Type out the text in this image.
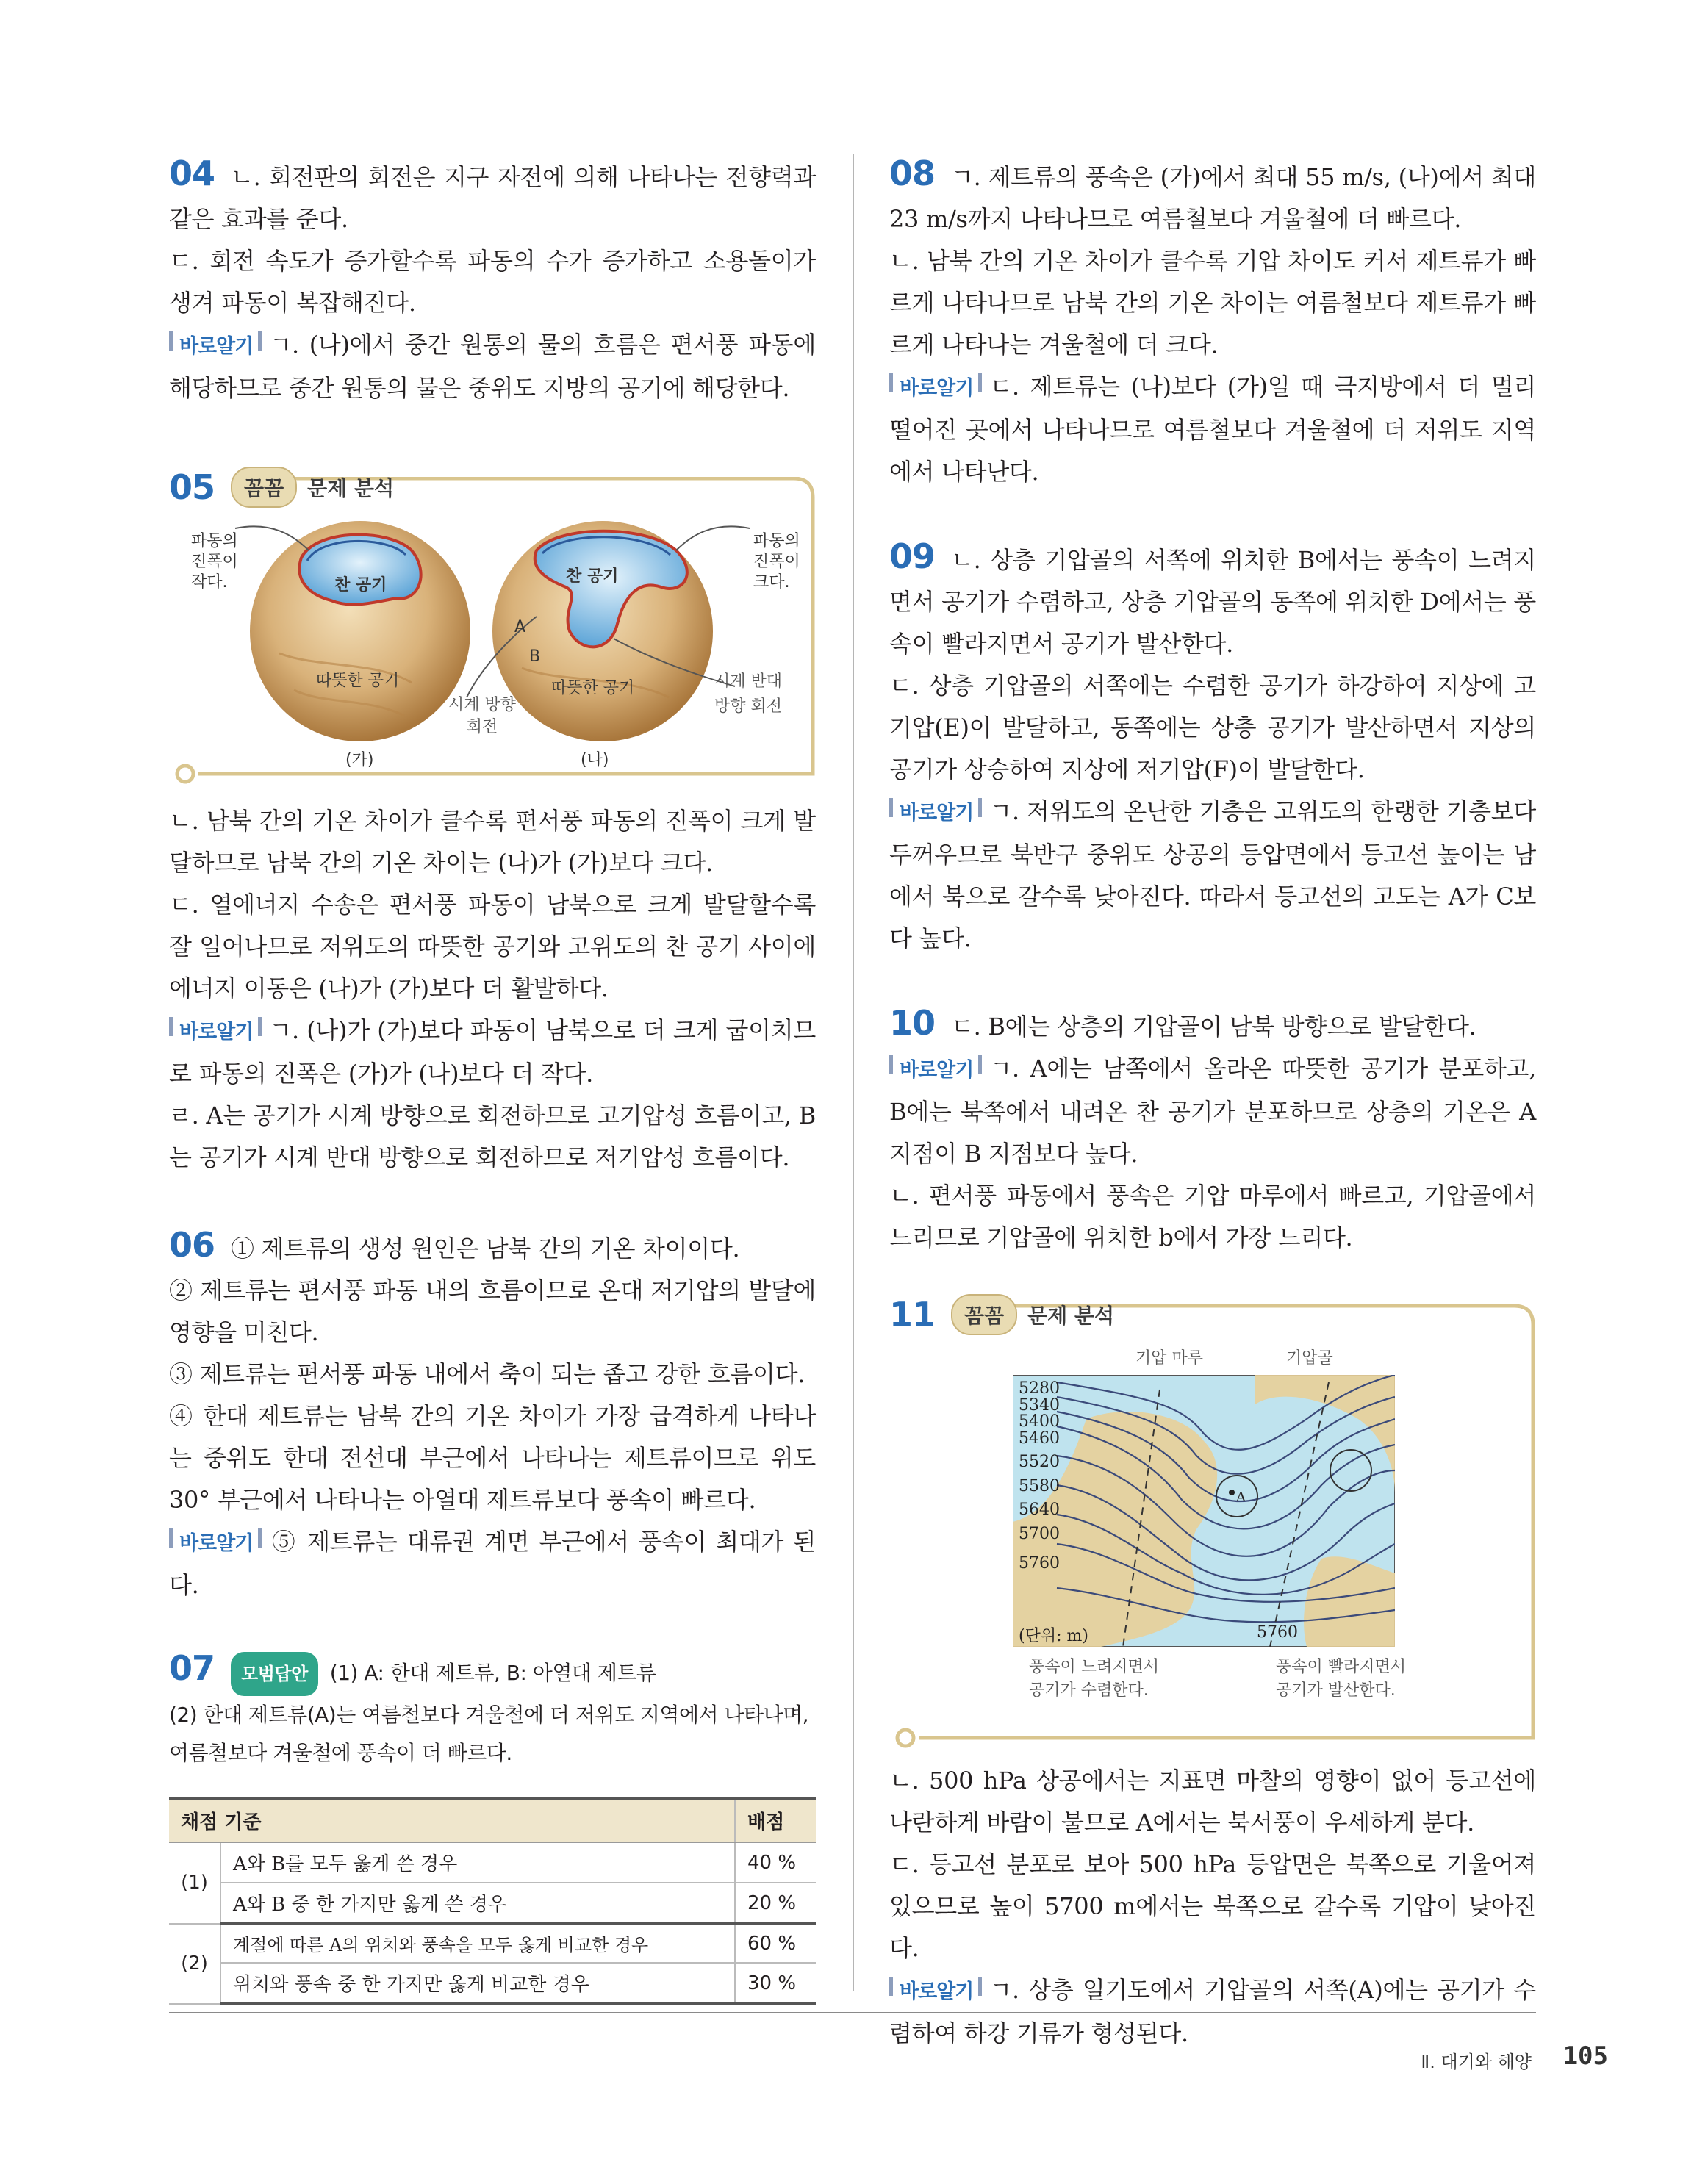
04 ㄴ. 회전판의 회전은 지구 자전에 의해 나타나는 전향력과 같은 효과를 준다.

ㄷ. 회전 속도가 증가할수록 파동의 수가 증가하고 소용돌이가 생겨 파동이 복잡해진다.

바로알기 ㄱ. (나)에서 중간 원통의 물의 흐름은 편서풍 파동에 해당하므로 중간 원통의 물은 중위도 지방의 공기에 해당한다.

05	꼼꼼	문제 분석
파동의
진폭이
작다.
파동의
진폭이
크다.
찬 공기
따뜻한 공기
찬 공기
따뜻한 공기
A
B
시계 방향
회전
시계 반대
방향 회전
(가)	(나)

ㄴ. 남북 간의 기온 차이가 클수록 편서풍 파동의 진폭이 크게 발달하므로 남북 간의 기온 차이는 (나)가 (가)보다 크다.

ㄷ. 열에너지 수송은 편서풍 파동이 남북으로 크게 발달할수록 잘 일어나므로 저위도의 따뜻한 공기와 고위도의 찬 공기 사이에 에너지 이동은 (나)가 (가)보다 더 활발하다.

바로알기 ㄱ. (나)가 (가)보다 파동이 남북으로 더 크게 굽이치므로 파동의 진폭은 (가)가 (나)보다 더 작다.

ㄹ. A는 공기가 시계 방향으로 회전하므로 고기압성 흐름이고, B는 공기가 시계 반대 방향으로 회전하므로 저기압성 흐름이다.

06 ① 제트류의 생성 원인은 남북 간의 기온 차이이다.

② 제트류는 편서풍 파동 내의 흐름이므로 온대 저기압의 발달에 영향을 미친다.

③ 제트류는 편서풍 파동 내에서 축이 되는 좁고 강한 흐름이다.

④ 한대 제트류는 남북 간의 기온 차이가 가장 급격하게 나타나는 중위도 한대 전선대 부근에서 나타나는 제트류이므로 위도 30° 부근에서 나타나는 아열대 제트류보다 풍속이 빠르다.

바로알기 ⑤ 제트류는 대류권 계면 부근에서 풍속이 최대가 된다.

07 모범답안 (1) A: 한대 제트류, B: 아열대 제트류

(2) 한대 제트류(A)는 여름철보다 겨울철에 더 저위도 지역에서 나타나며, 여름철보다 겨울철에 풍속이 더 빠르다.

채점 기준		배점
(1)	A와 B를 모두 옳게 쓴 경우	40 %
	A와 B 중 한 가지만 옳게 쓴 경우	20 %
(2)	계절에 따른 A의 위치와 풍속을 모두 옳게 비교한 경우	60 %
	위치와 풍속 중 한 가지만 옳게 비교한 경우	30 %

08 ㄱ. 제트류의 풍속은 (가)에서 최대 55 m/s, (나)에서 최대 23 m/s까지 나타나므로 여름철보다 겨울철에 더 빠르다.

ㄴ. 남북 간의 기온 차이가 클수록 기압 차이도 커서 제트류가 빠르게 나타나므로 남북 간의 기온 차이는 여름철보다 제트류가 빠르게 나타나는 겨울철에 더 크다.

바로알기 ㄷ. 제트류는 (나)보다 (가)일 때 극지방에서 더 멀리 떨어진 곳에서 나타나므로 여름철보다 겨울철에 더 저위도 지역에서 나타난다.

09 ㄴ. 상층 기압골의 서쪽에 위치한 B에서는 풍속이 느려지면서 공기가 수렴하고, 상층 기압골의 동쪽에 위치한 D에서는 풍속이 빨라지면서 공기가 발산한다.

ㄷ. 상층 기압골의 서쪽에는 수렴한 공기가 하강하여 지상에 고기압(E)이 발달하고, 동쪽에는 상층 공기가 발산하면서 지상의 공기가 상승하여 지상에 저기압(F)이 발달한다.

바로알기 ㄱ. 저위도의 온난한 기층은 고위도의 한랭한 기층보다 두꺼우므로 북반구 중위도 상공의 등압면에서 등고선 높이는 남에서 북으로 갈수록 낮아진다. 따라서 등고선의 고도는 A가 C보다 높다.

10 ㄷ. B에는 상층의 기압골이 남북 방향으로 발달한다.

바로알기 ㄱ. A에는 남쪽에서 올라온 따뜻한 공기가 분포하고, B에는 북쪽에서 내려온 찬 공기가 분포하므로 상층의 기온은 A 지점이 B 지점보다 높다.

ㄴ. 편서풍 파동에서 풍속은 기압 마루에서 빠르고, 기압골에서 느리므로 기압골에 위치한 b에서 가장 느리다.

11	꼼꼼	문제 분석
기압 마루	기압골
5280
5340
5400
5460
5520
5580
5640
5700
5760
A
(단위: m)	5760
풍속이 느려지면서
공기가 수렴한다.
풍속이 빨라지면서
공기가 발산한다.

ㄴ. 500 hPa 상공에서는 지표면 마찰의 영향이 없어 등고선에 나란하게 바람이 불므로 A에서는 북서풍이 우세하게 분다.

ㄷ. 등고선 분포로 보아 500 hPa 등압면은 북쪽으로 기울어져 있으므로 높이 5700 m에서는 북쪽으로 갈수록 기압이 낮아진다.

바로알기 ㄱ. 상층 일기도에서 기압골의 서쪽(A)에는 공기가 수렴하여 하강 기류가 형성된다.

Ⅱ. 대기와 해양 105
